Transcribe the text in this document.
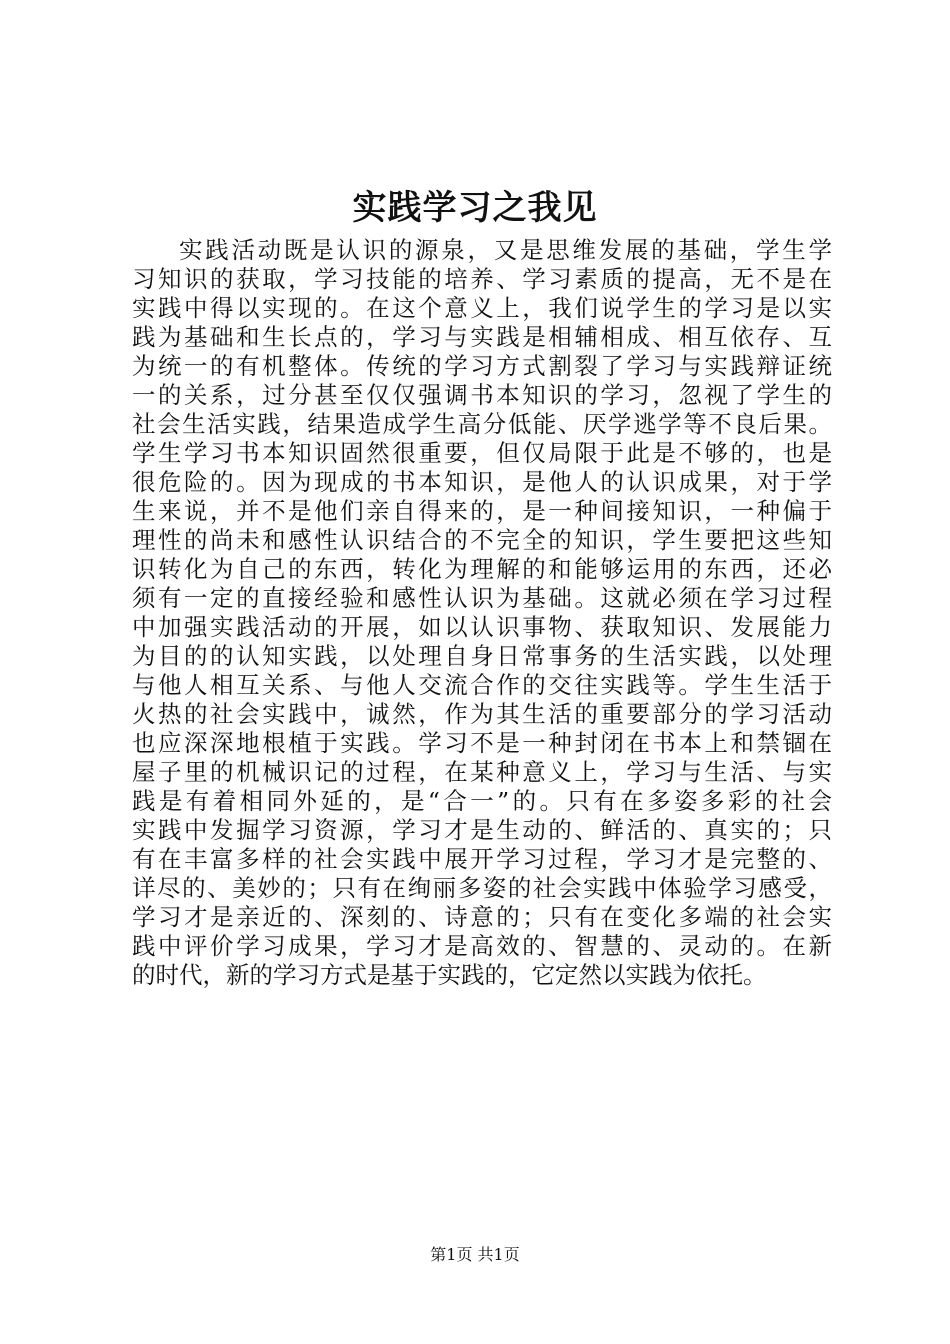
实践学习之我见
实践活动既是认识的源泉，又是思维发展的基础，学生学
习知识的获取，学习技能的培养、学习素质的提高，无不是在
实践中得以实现的。在这个意义上，我们说学生的学习是以实
践为基础和生长点的，学习与实践是相辅相成、相互依存、互
为统一的有机整体。传统的学习方式割裂了学习与实践辩证统
一的关系，过分甚至仅仅强调书本知识的学习，忽视了学生的
社会生活实践，结果造成学生高分低能、厌学逃学等不良后果。
学生学习书本知识固然很重要，但仅局限于此是不够的，也是
很危险的。因为现成的书本知识，是他人的认识成果，对于学
生来说，并不是他们亲自得来的，是一种间接知识，一种偏于
理性的尚未和感性认识结合的不完全的知识，学生要把这些知
识转化为自己的东西，转化为理解的和能够运用的东西，还必
须有一定的直接经验和感性认识为基础。这就必须在学习过程
中加强实践活动的开展，如以认识事物、获取知识、发展能力
为目的的认知实践，以处理自身日常事务的生活实践，以处理
与他人相互关系、与他人交流合作的交往实践等。学生生活于
火热的社会实践中，诚然，作为其生活的重要部分的学习活动
也应深深地根植于实践。学习不是一种封闭在书本上和禁锢在
屋子里的机械识记的过程，在某种意义上，学习与生活、与实
践是有着相同外延的，是“合一”的。只有在多姿多彩的社会
实践中发掘学习资源，学习才是生动的、鲜活的、真实的；只
有在丰富多样的社会实践中展开学习过程，学习才是完整的、
详尽的、美妙的；只有在绚丽多姿的社会实践中体验学习感受，
学习才是亲近的、深刻的、诗意的；只有在变化多端的社会实
践中评价学习成果，学习才是高效的、智慧的、灵动的。在新
的时代，新的学习方式是基于实践的，它定然以实践为依托。
第1页 共1页
